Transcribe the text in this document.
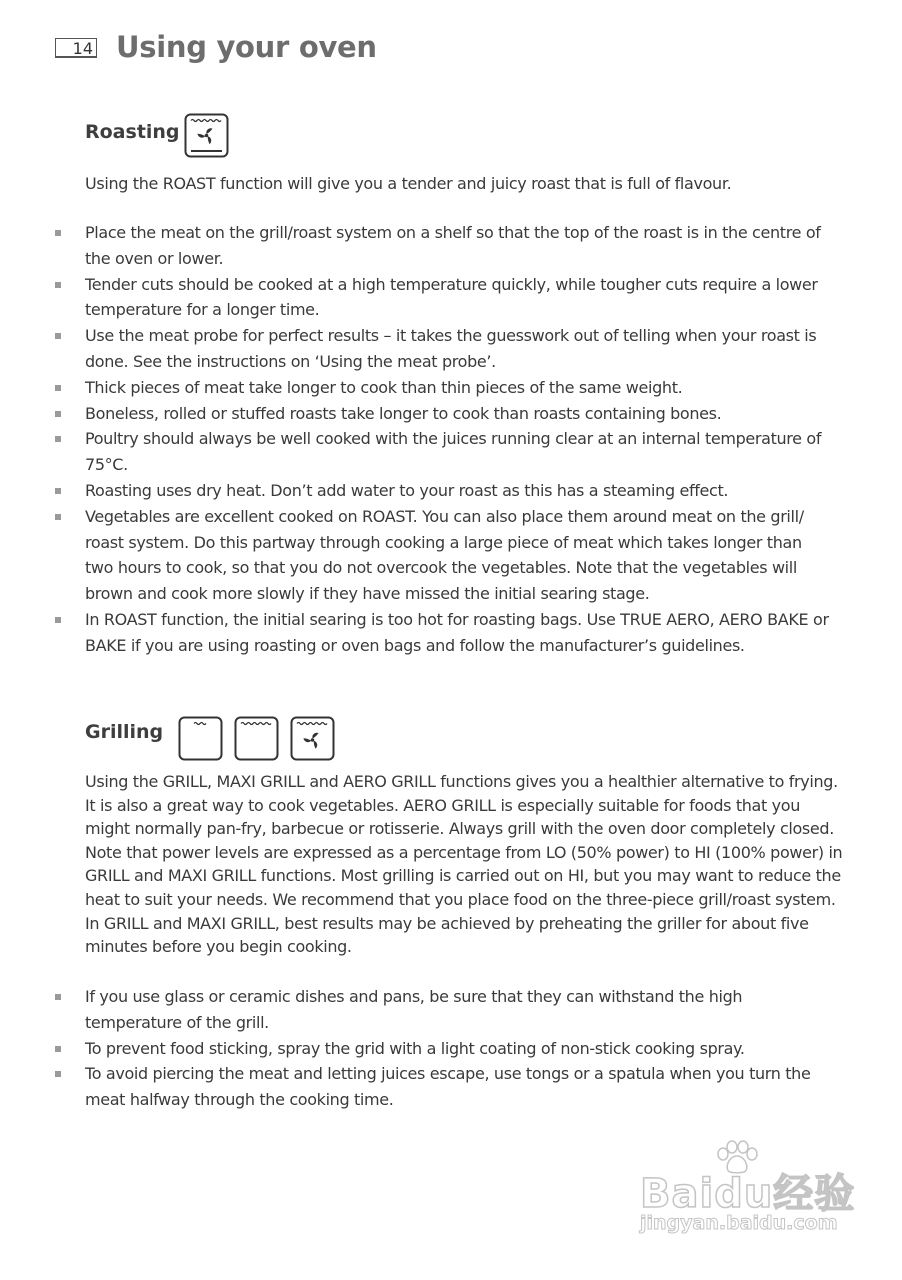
14 Using your oven
Roasting

Using the ROAST function will give you a tender and juicy roast that is full of flavour.

Place the meat on the grill/roast system on a shelf so that the top of the roast is in the centre of the oven or lower.
Tender cuts should be cooked at a high temperature quickly, while tougher cuts require a lower temperature for a longer time.
Use the meat probe for perfect results – it takes the guesswork out of telling when your roast is done. See the instructions on ‘Using the meat probe’.
Thick pieces of meat take longer to cook than thin pieces of the same weight.
Boneless, rolled or stuffed roasts take longer to cook than roasts containing bones.
Poultry should always be well cooked with the juices running clear at an internal temperature of 75°C.
Roasting uses dry heat. Don’t add water to your roast as this has a steaming effect.
Vegetables are excellent cooked on ROAST. You can also place them around meat on the grill/ roast system. Do this partway through cooking a large piece of meat which takes longer than two hours to cook, so that you do not overcook the vegetables. Note that the vegetables will brown and cook more slowly if they have missed the initial searing stage.
In ROAST function, the initial searing is too hot for roasting bags. Use TRUE AERO, AERO BAKE or BAKE if you are using roasting or oven bags and follow the manufacturer’s guidelines.
Grilling

Using the GRILL, MAXI GRILL and AERO GRILL functions gives you a healthier alternative to frying. It is also a great way to cook vegetables. AERO GRILL is especially suitable for foods that you might normally pan-fry, barbecue or rotisserie. Always grill with the oven door completely closed. Note that power levels are expressed as a percentage from LO (50% power) to HI (100% power) in GRILL and MAXI GRILL functions. Most grilling is carried out on HI, but you may want to reduce the heat to suit your needs. We recommend that you place food on the three-piece grill/roast system. In GRILL and MAXI GRILL, best results may be achieved by preheating the griller for about five minutes before you begin cooking.

If you use glass or ceramic dishes and pans, be sure that they can withstand the high temperature of the grill.
To prevent food sticking, spray the grid with a light coating of non-stick cooking spray.
To avoid piercing the meat and letting juices escape, use tongs or a spatula when you turn the meat halfway through the cooking time.
Baidu经验
jingyan.baidu.com
